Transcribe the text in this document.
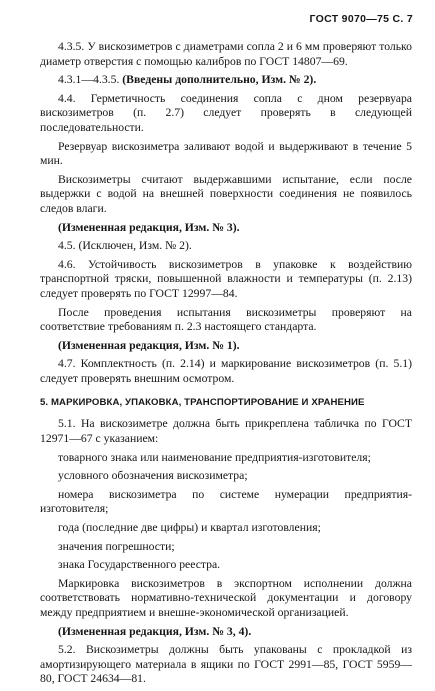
ГОСТ 9070—75 С. 7

4.3.5. У вискозиметров с диаметрами сопла 2 и 6 мм проверяют только диаметр отверстия с помощью калибров по ГОСТ 14807—69.

4.3.1—4.3.5. (Введены дополнительно, Изм. № 2).

4.4. Герметичность соединения сопла с дном резервуара вискозиметров (п. 2.7) следует проверять в следующей последовательности.

Резервуар вискозиметра заливают водой и выдерживают в течение 5 мин.

Вискозиметры считают выдержавшими испытание, если после выдержки с водой на внешней поверхности соединения не появилось следов влаги.

(Измененная редакция, Изм. № 3).

4.5. (Исключен, Изм. № 2).

4.6. Устойчивость вискозиметров в упаковке к воздействию транспортной тряски, повышенной влажности и температуры (п. 2.13) следует проверять по ГОСТ 12997—84.

После проведения испытания вискозиметры проверяют на соответствие требованиям п. 2.3 настоящего стандарта.

(Измененная редакция, Изм. № 1).

4.7. Комплектность (п. 2.14) и маркирование вискозиметров (п. 5.1) следует проверять внешним осмотром.

5. МАРКИРОВКА, УПАКОВКА, ТРАНСПОРТИРОВАНИЕ И ХРАНЕНИЕ

5.1. На вискозиметре должна быть прикреплена табличка по ГОСТ 12971—67 с указанием:

товарного знака или наименование предприятия-изготовителя;

условного обозначения вискозиметра;

номера вискозиметра по системе нумерации предприятия-изготовителя;

года (последние две цифры) и квартал изготовления;

значения погрешности;

знака Государственного реестра.

Маркировка вискозиметров в экспортном исполнении должна соответствовать нормативно-технической документации и договору между предприятием и внешне-экономической организацией.

(Измененная редакция, Изм. № 3, 4).

5.2. Вискозиметры должны быть упакованы с прокладкой из амортизирующего материала в ящики по ГОСТ 2991—85, ГОСТ 5959—80, ГОСТ 24634—81.
